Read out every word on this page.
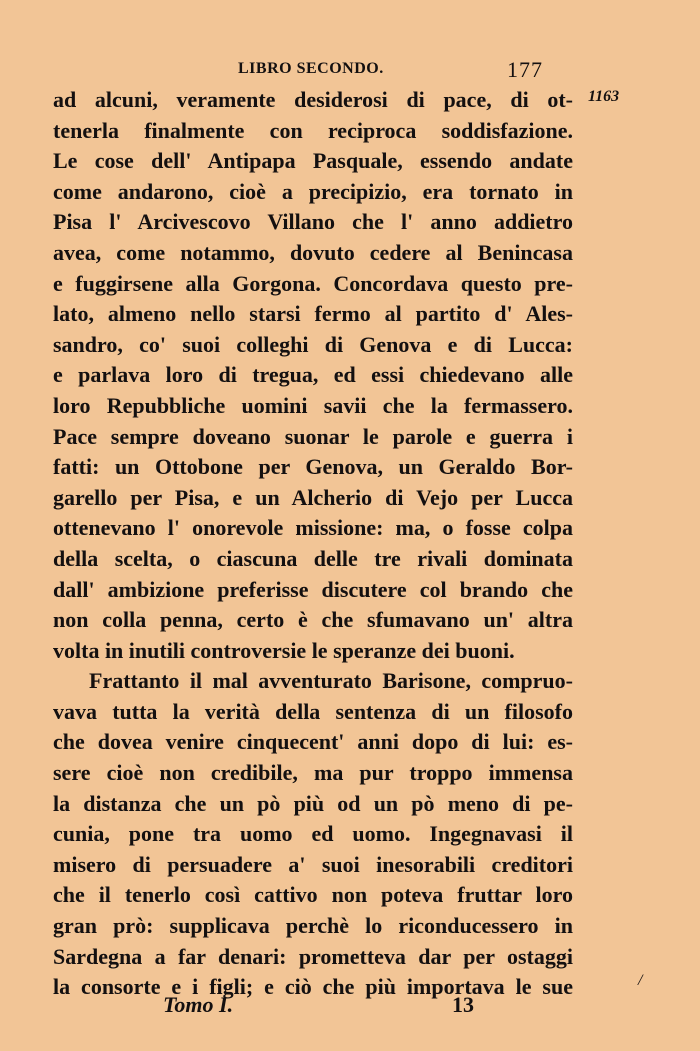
LIBRO SECONDO.	177
1163
ad alcuni, veramente desiderosi di pace, di ot-
tenerla finalmente con reciproca soddisfazione.
Le cose dell' Antipapa Pasquale, essendo andate
come andarono, cioè a precipizio, era tornato in
Pisa l' Arcivescovo Villano che l' anno addietro
avea, come notammo, dovuto cedere al Benincasa
e fuggirsene alla Gorgona. Concordava questo pre-
lato, almeno nello starsi fermo al partito d' Ales-
sandro, co' suoi colleghi di Genova e di Lucca:
e parlava loro di tregua, ed essi chiedevano alle
loro Repubbliche uomini savii che la fermassero.
Pace sempre doveano suonar le parole e guerra i
fatti: un Ottobone per Genova, un Geraldo Bor-
garello per Pisa, e un Alcherio di Vejo per Lucca
ottenevano l' onorevole missione: ma, o fosse colpa
della scelta, o ciascuna delle tre rivali dominata
dall' ambizione preferisse discutere col brando che
non colla penna, certo è che sfumavano un' altra
volta in inutili controversie le speranze dei buoni.
Frattanto il mal avventurato Barisone, compruo-
vava tutta la verità della sentenza di un filosofo
che dovea venire cinquecent' anni dopo di lui: es-
sere cioè non credibile, ma pur troppo immensa
la distanza che un pò più od un pò meno di pe-
cunia, pone tra uomo ed uomo. Ingegnavasi il
misero di persuadere a' suoi inesorabili creditori
che il tenerlo così cattivo non poteva fruttar loro
gran prò: supplicava perchè lo riconducessero in
Sardegna a far denari: prometteva dar per ostaggi
la consorte e i figli; e ciò che più importava le sue
Tomo I.	13
/
